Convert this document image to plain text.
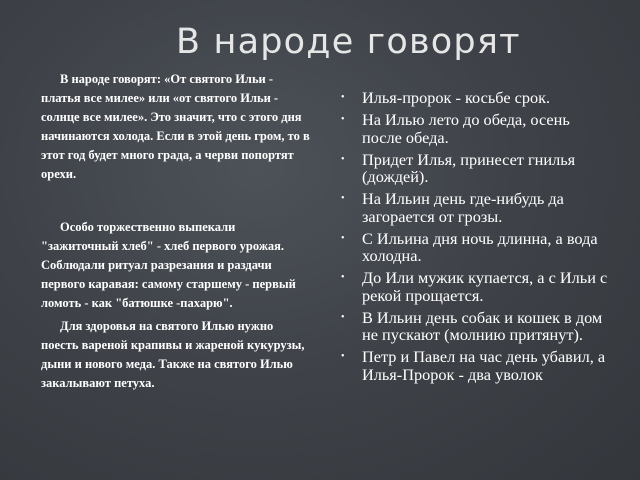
В народе говорят

В народе говорят: «От святого Ильи - платья все милее» или «от святого Ильи - солнце все милее». Это значит, что с этого дня начинаются холода. Если в этой день гром, то в этот год будет много града, а черви попортят орехи.

Особо торжественно выпекали "зажиточный хлеб" - хлеб первого урожая. Соблюдали ритуал разрезания и раздачи первого каравая: самому старшему - первый ломоть - как "батюшке -пахарю".

Для здоровья на святого Илью нужно поесть вареной крапивы и жареной кукурузы, дыни и нового меда. Также на святого Илью закалывают петуха.

• Илья-пророк - косьбе срок.
• На Илью лето до обеда, осень после обеда.
• Придет Илья, принесет гнилья (дождей).
• На Ильин день где-нибудь да загорается от грозы.
• С Ильина дня ночь длинна, а вода холодна.
• До Или мужик купается, а с Ильи с рекой прощается.
• В Ильин день собак и кошек в дом не пускают (молнию притянут).
• Петр и Павел на час день убавил, а Илья-Пророк - два уволок
